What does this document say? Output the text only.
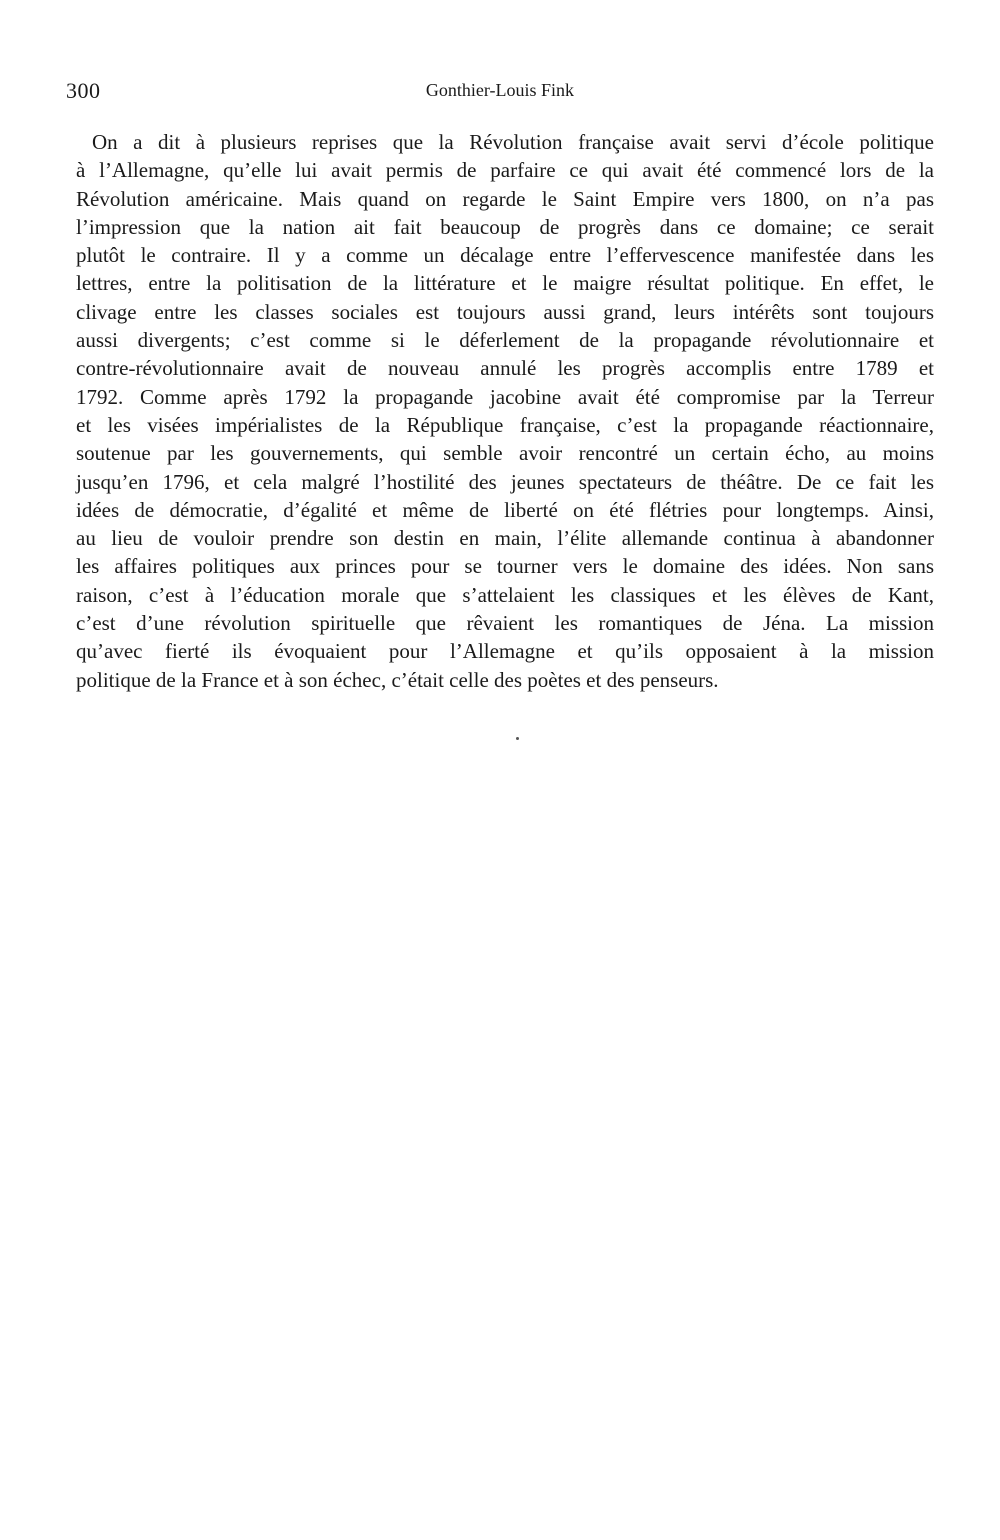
300	Gonthier-Louis Fink
On a dit à plusieurs reprises que la Révolution française avait servi d’école politique
à l’Allemagne, qu’elle lui avait permis de parfaire ce qui avait été commencé lors de la
Révolution américaine. Mais quand on regarde le Saint Empire vers 1800, on n’a pas
l’impression que la nation ait fait beaucoup de progrès dans ce domaine; ce serait
plutôt le contraire. Il y a comme un décalage entre l’effervescence manifestée dans les
lettres, entre la politisation de la littérature et le maigre résultat politique. En effet, le
clivage entre les classes sociales est toujours aussi grand, leurs intérêts sont toujours
aussi divergents; c’est comme si le déferlement de la propagande révolutionnaire et
contre-révolutionnaire avait de nouveau annulé les progrès accomplis entre 1789 et
1792. Comme après 1792 la propagande jacobine avait été compromise par la Terreur
et les visées impérialistes de la République française, c’est la propagande réactionnaire,
soutenue par les gouvernements, qui semble avoir rencontré un certain écho, au moins
jusqu’en 1796, et cela malgré l’hostilité des jeunes spectateurs de théâtre. De ce fait les
idées de démocratie, d’égalité et même de liberté on été flétries pour longtemps. Ainsi,
au lieu de vouloir prendre son destin en main, l’élite allemande continua à abandonner
les affaires politiques aux princes pour se tourner vers le domaine des idées. Non sans
raison, c’est à l’éducation morale que s’attelaient les classiques et les élèves de Kant,
c’est d’une révolution spirituelle que rêvaient les romantiques de Jéna. La mission
qu’avec fierté ils évoquaient pour l’Allemagne et qu’ils opposaient à la mission
politique de la France et à son échec, c’était celle des poètes et des penseurs.
